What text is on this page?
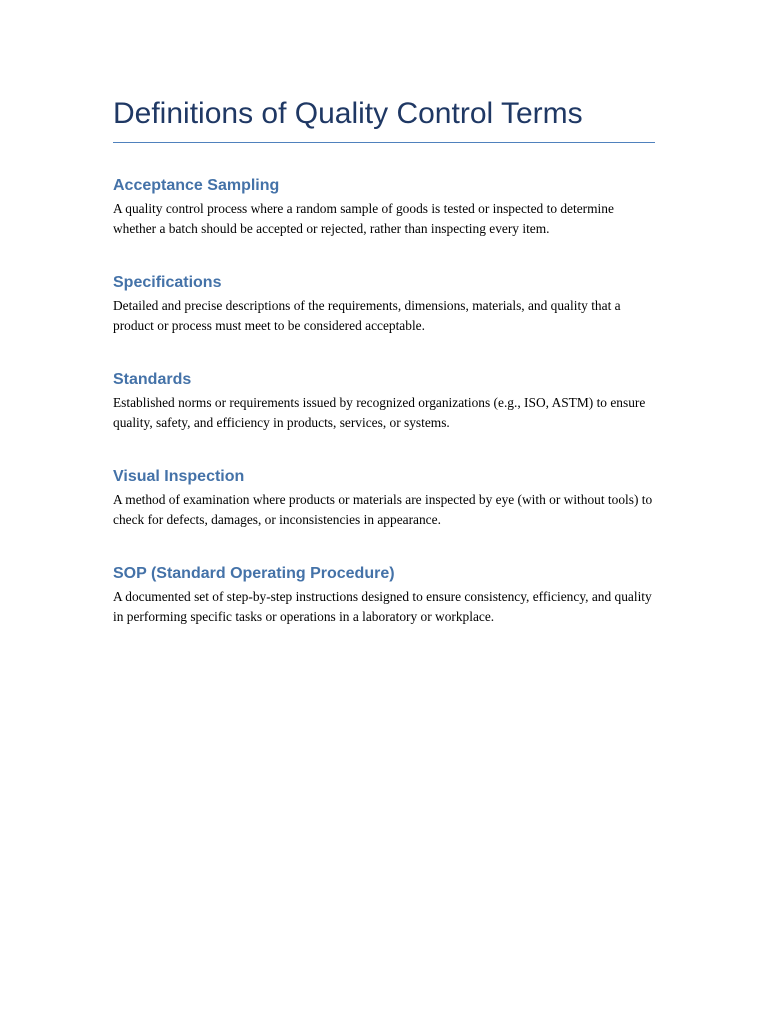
Definitions of Quality Control Terms
Acceptance Sampling

A quality control process where a random sample of goods is tested or inspected to determine whether a batch should be accepted or rejected, rather than inspecting every item.

Specifications

Detailed and precise descriptions of the requirements, dimensions, materials, and quality that a product or process must meet to be considered acceptable.

Standards

Established norms or requirements issued by recognized organizations (e.g., ISO, ASTM) to ensure quality, safety, and efficiency in products, services, or systems.

Visual Inspection

A method of examination where products or materials are inspected by eye (with or without tools) to check for defects, damages, or inconsistencies in appearance.

SOP (Standard Operating Procedure)

A documented set of step-by-step instructions designed to ensure consistency, efficiency, and quality in performing specific tasks or operations in a laboratory or workplace.
